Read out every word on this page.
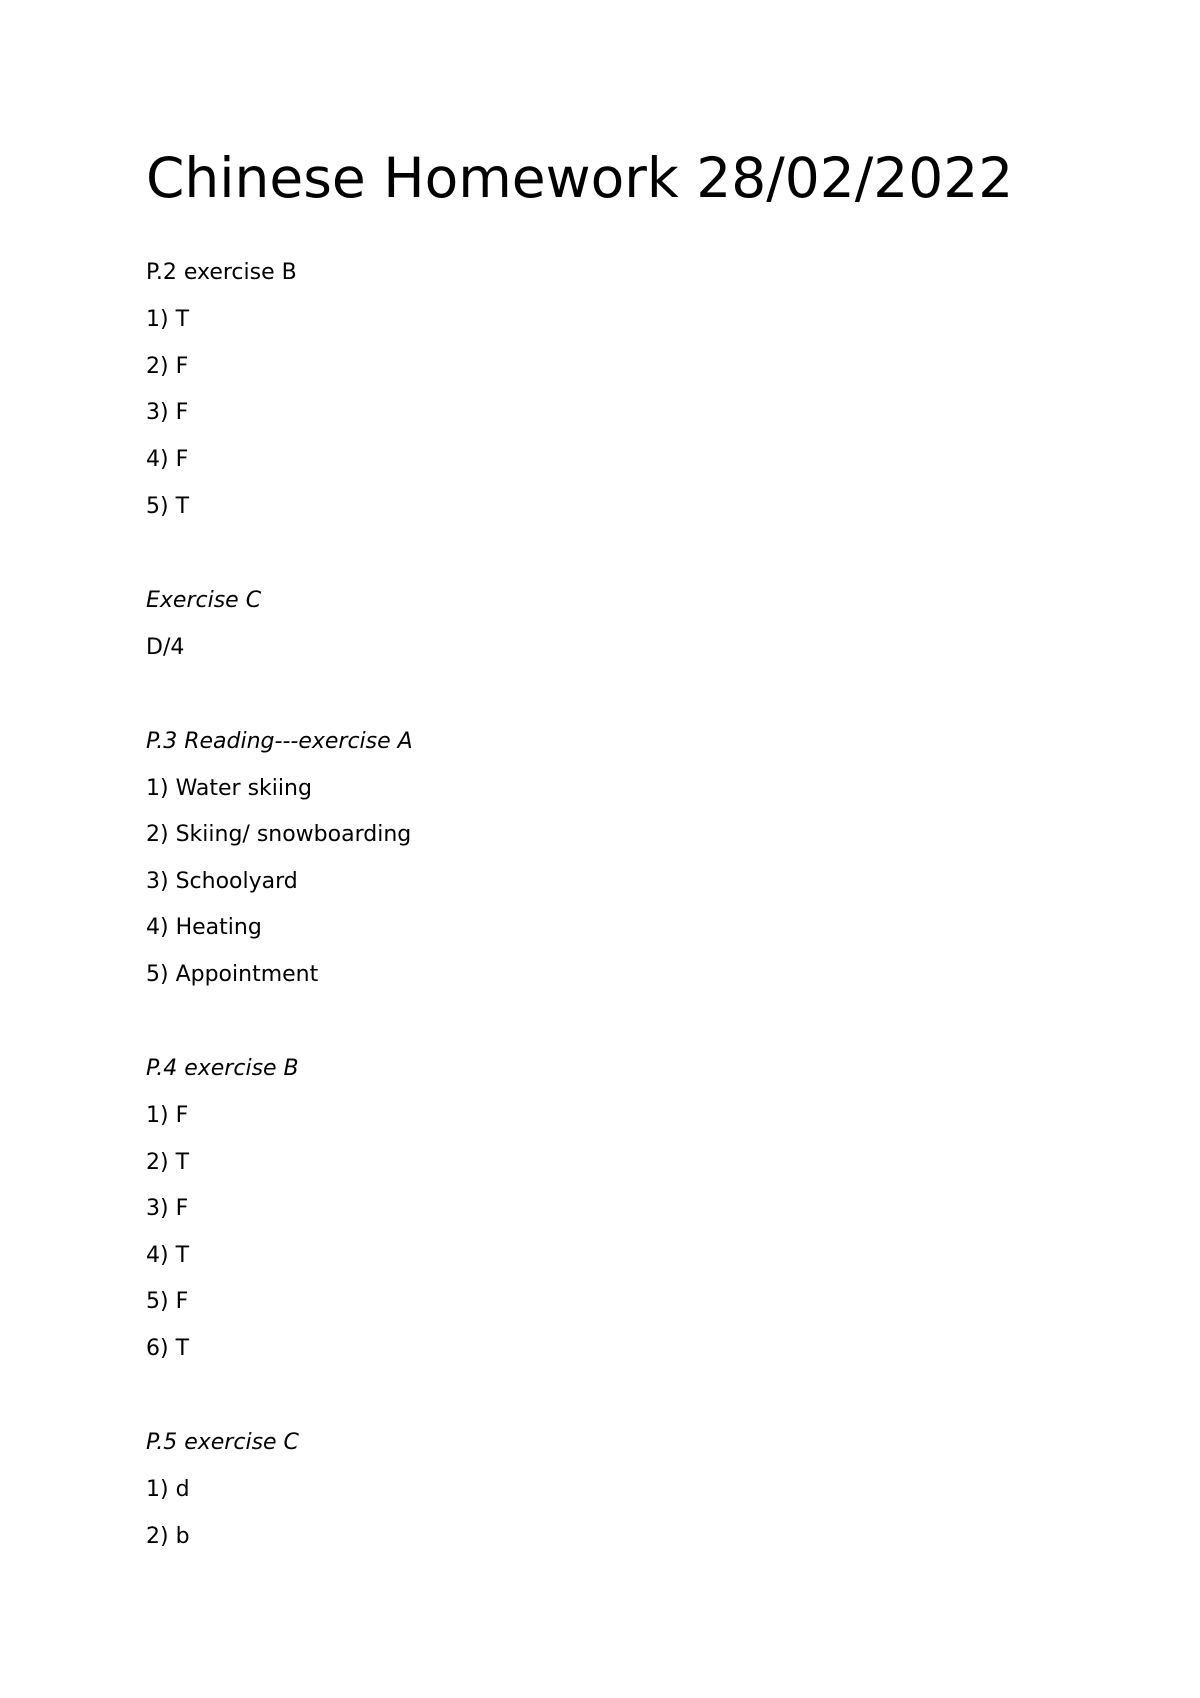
Chinese Homework 28/02/2022
P.2 exercise B
1) T
2) F
3) F
4) F
5) T
Exercise C
D/4
P.3 Reading---exercise A
1) Water skiing
2) Skiing/ snowboarding
3) Schoolyard
4) Heating
5) Appointment
P.4 exercise B
1) F
2) T
3) F
4) T
5) F
6) T
P.5 exercise C
1) d
2) b
